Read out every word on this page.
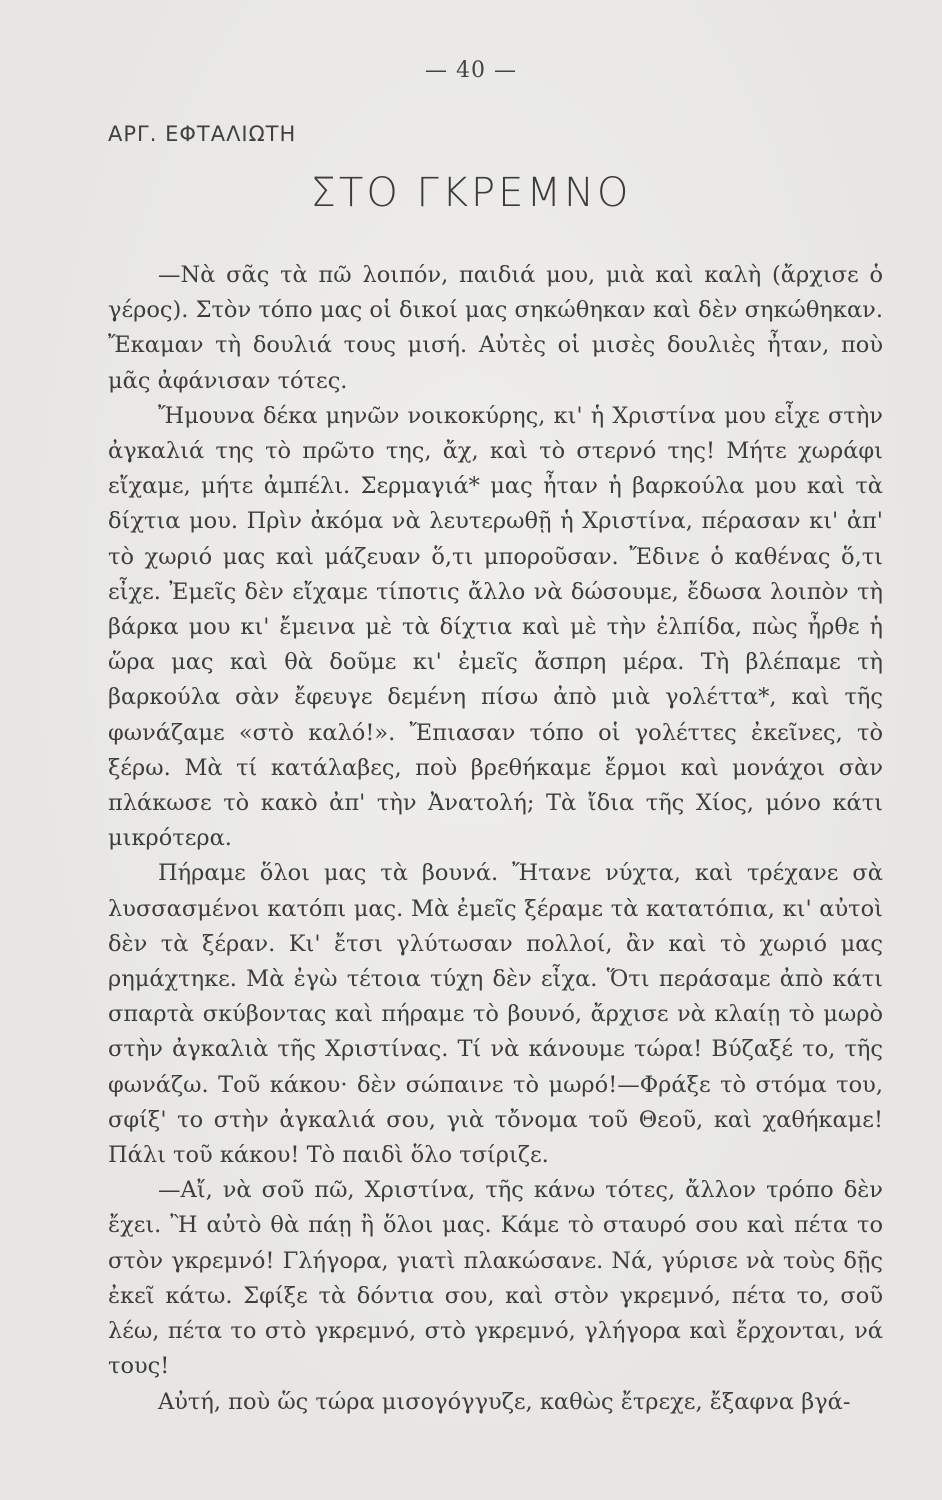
— 40 —
ΑΡΓ. ΕΦΤΑΛΙΩΤΗ
ΣΤΟ ΓΚΡΕΜΝΟ

—Νὰ σᾶς τὰ πῶ λοιπόν, παιδιά μου, μιὰ καὶ καλὴ (ἄρχισε ὁ γέρος). Στὸν τόπο μας οἱ δικοί μας σηκώθηκαν καὶ δὲν σηκώθηκαν. Ἔκαμαν τὴ δουλιά τους μισή. Αὐτὲς οἱ μισὲς δουλιὲς ἦταν, ποὺ μᾶς ἀφάνισαν τότες.

Ἤμουνα δέκα μηνῶν νοικοκύρης, κι' ἡ Χριστίνα μου εἶχε στὴν ἀγκαλιά της τὸ πρῶτο της, ἄχ, καὶ τὸ στερνό της! Μήτε χωράφι εἴχαμε, μήτε ἀμπέλι. Σερμαγιά* μας ἦταν ἡ βαρκούλα μου καὶ τὰ δίχτια μου. Πρὶν ἀκόμα νὰ λευτερωθῇ ἡ Χριστίνα, πέρασαν κι' ἀπ' τὸ χωριό μας καὶ μάζευαν ὅ,τι μποροῦσαν. Ἔδινε ὁ καθένας ὅ,τι εἶχε. Ἐμεῖς δὲν εἴχαμε τίποτις ἄλλο νὰ δώσουμε, ἔδωσα λοιπὸν τὴ βάρκα μου κι' ἔμεινα μὲ τὰ δίχτια καὶ μὲ τὴν ἐλπίδα, πὼς ἦρθε ἡ ὥρα μας καὶ θὰ δοῦμε κι' ἐμεῖς ἄσπρη μέρα. Τὴ βλέπαμε τὴ βαρκούλα σὰν ἔφευγε δεμένη πίσω ἀπὸ μιὰ γολέττα*, καὶ τῆς φωνάζαμε «στὸ καλό!». Ἔπιασαν τόπο οἱ γολέττες ἐκεῖνες, τὸ ξέρω. Μὰ τί κατάλαβες, ποὺ βρεθήκαμε ἔρμοι καὶ μονάχοι σὰν πλάκωσε τὸ κακὸ ἀπ' τὴν Ἀνατολή; Τὰ ἴδια τῆς Χίος, μόνο κάτι μικρότερα.

Πήραμε ὅλοι μας τὰ βουνά. Ἤτανε νύχτα, καὶ τρέχανε σὰ λυσσασμένοι κατόπι μας. Μὰ ἐμεῖς ξέραμε τὰ κατατόπια, κι' αὐτοὶ δὲν τὰ ξέραν. Κι' ἔτσι γλύτωσαν πολλοί, ἂν καὶ τὸ χωριό μας ρημάχτηκε. Μὰ ἐγὼ τέτοια τύχη δὲν εἶχα. Ὅτι περάσαμε ἀπὸ κάτι σπαρτὰ σκύβοντας καὶ πήραμε τὸ βουνό, ἄρχισε νὰ κλαίῃ τὸ μωρὸ στὴν ἀγκαλιὰ τῆς Χριστίνας. Τί νὰ κάνουμε τώρα! Βύζαξέ το, τῆς φωνάζω. Τοῦ κάκου· δὲν σώπαινε τὸ μωρό!—Φράξε τὸ στόμα του, σφίξ' το στὴν ἀγκαλιά σου, γιὰ τὄνομα τοῦ Θεοῦ, καὶ χαθήκαμε! Πάλι τοῦ κάκου! Τὸ παιδὶ ὅλο τσίριζε.

—Αἴ, νὰ σοῦ πῶ, Χριστίνα, τῆς κάνω τότες, ἄλλον τρόπο δὲν ἔχει. Ἢ αὐτὸ θὰ πάῃ ἢ ὅλοι μας. Κάμε τὸ σταυρό σου καὶ πέτα το στὸν γκρεμνό! Γλήγορα, γιατὶ πλακώσανε. Νά, γύρισε νὰ τοὺς δῇς ἐκεῖ κάτω. Σφίξε τὰ δόντια σου, καὶ στὸν γκρεμνό, πέτα το, σοῦ λέω, πέτα το στὸ γκρεμνό, στὸ γκρεμνό, γλήγορα καὶ ἔρχονται, νά τους!

Αὐτή, ποὺ ὥς τώρα μισογόγγυζε, καθὼς ἔτρεχε, ἔξαφνα βγά-
